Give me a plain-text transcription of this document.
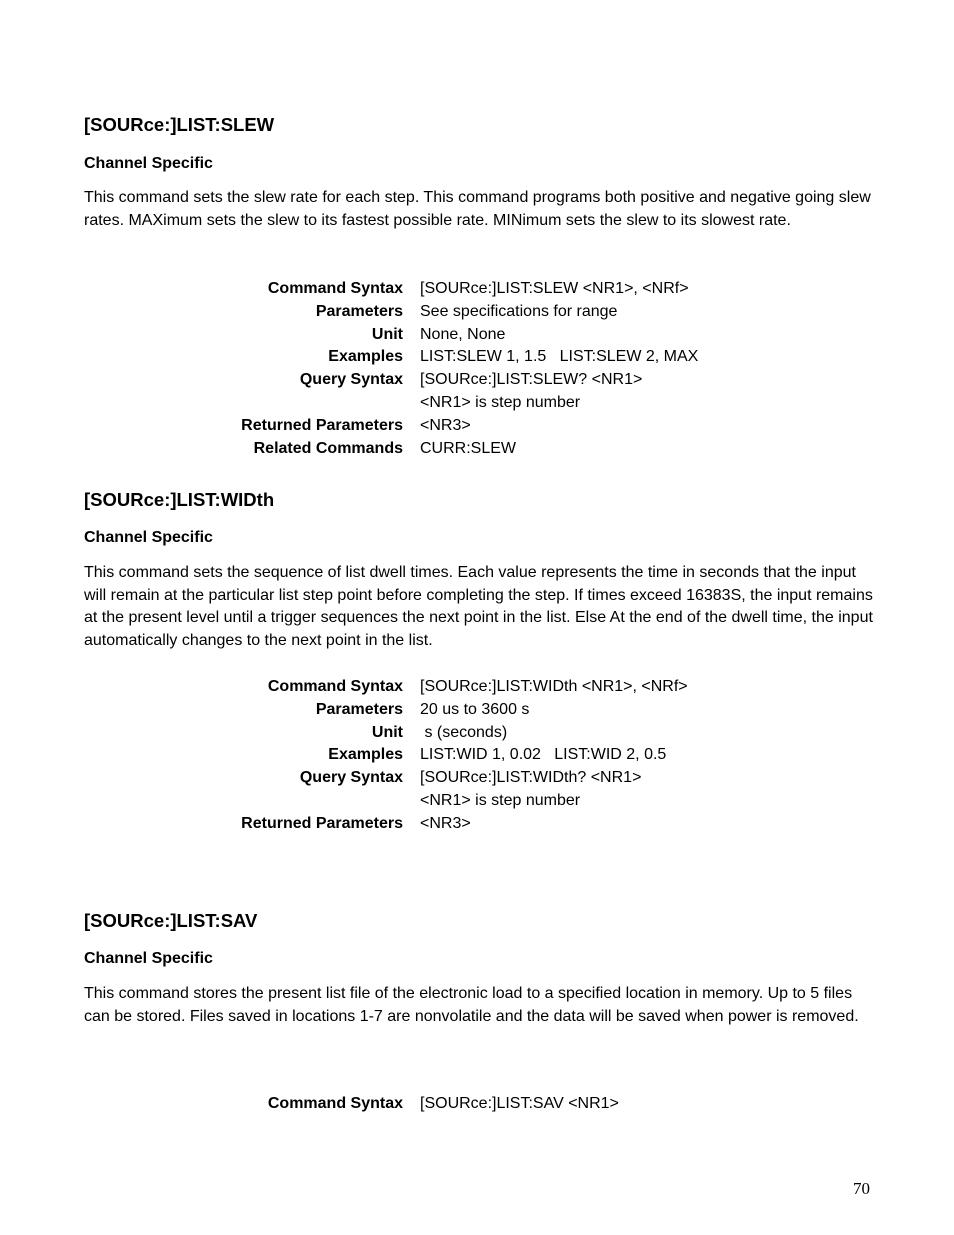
[SOURce:]LIST:SLEW
Channel Specific

This command sets the slew rate for each step. This command programs both positive and negative going slew rates. MAXimum sets the slew to its fastest possible rate. MINimum sets the slew to its slowest rate.

Command Syntax	[SOURce:]LIST:SLEW <NR1>, <NRf>
Parameters	See specifications for range
Unit	None, None
Examples	LIST:SLEW 1, 1.5   LIST:SLEW 2, MAX
Query Syntax	[SOURce:]LIST:SLEW? <NR1>
<NR1> is step number
Returned Parameters	<NR3>
Related Commands	CURR:SLEW
[SOURce:]LIST:WIDth
Channel Specific

This command sets the sequence of list dwell times. Each value represents the time in seconds that the input will remain at the particular list step point before completing the step. If times exceed 16383S, the input remains at the present level until a trigger sequences the next point in the list. Else At the end of the dwell time, the input automatically changes to the next point in the list.

Command Syntax	[SOURce:]LIST:WIDth <NR1>, <NRf>
Parameters	20 us to 3600 s
Unit	s (seconds)
Examples	LIST:WID 1, 0.02   LIST:WID 2, 0.5
Query Syntax	[SOURce:]LIST:WIDth? <NR1>
<NR1> is step number
Returned Parameters	<NR3>
[SOURce:]LIST:SAV
Channel Specific

This command stores the present list file of the electronic load to a specified location in memory. Up to 5 files can be stored. Files saved in locations 1-7 are nonvolatile and the data will be saved when power is removed.

Command Syntax	[SOURce:]LIST:SAV <NR1>
70
